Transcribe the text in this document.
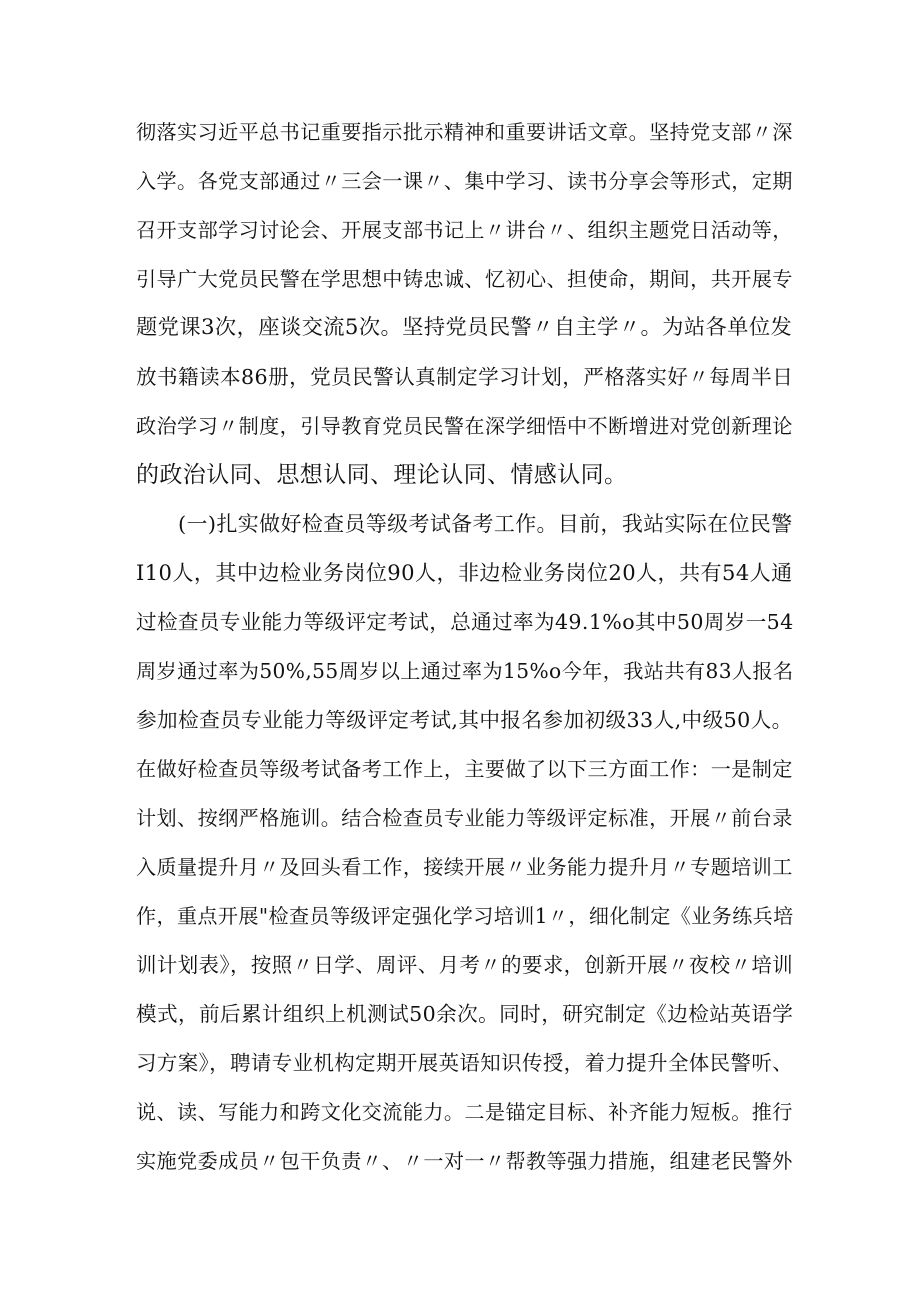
彻落实习近平总书记重要指示批示精神和重要讲话文章。坚持党支部〃深
入学。各党支部通过〃三会一课〃、集中学习、读书分享会等形式，定期
召开支部学习讨论会、开展支部书记上〃讲台〃、组织主题党日活动等，
引导广大党员民警在学思想中铸忠诚、忆初心、担使命，期间，共开展专
题党课3次，座谈交流5次。坚持党员民警〃自主学〃。为站各单位发
放书籍读本86册，党员民警认真制定学习计划，严格落实好〃每周半日
政治学习〃制度，引导教育党员民警在深学细悟中不断增进对党创新理论
的政治认同、思想认同、理论认同、情感认同。
(一)扎实做好检查员等级考试备考工作。目前，我站实际在位民警
I10人，其中边检业务岗位90人，非边检业务岗位20人，共有54人通
过检查员专业能力等级评定考试，总通过率为49.1%o其中50周岁一54
周岁通过率为50%,55周岁以上通过率为15%o今年，我站共有83人报名
参加检查员专业能力等级评定考试,其中报名参加初级33人,中级50人。
在做好检查员等级考试备考工作上，主要做了以下三方面工作：一是制定
计划、按纲严格施训。结合检查员专业能力等级评定标准，开展〃前台录
入质量提升月〃及回头看工作，接续开展〃业务能力提升月〃专题培训工
作，重点开展"检查员等级评定强化学习培训1〃，细化制定《业务练兵培
训计划表》，按照〃日学、周评、月考〃的要求，创新开展〃夜校〃培训
模式，前后累计组织上机测试50余次。同时，研究制定《边检站英语学
习方案》，聘请专业机构定期开展英语知识传授，着力提升全体民警听、
说、读、写能力和跨文化交流能力。二是锚定目标、补齐能力短板。推行
实施党委成员〃包干负责〃、〃一对一〃帮教等强力措施，组建老民警外
